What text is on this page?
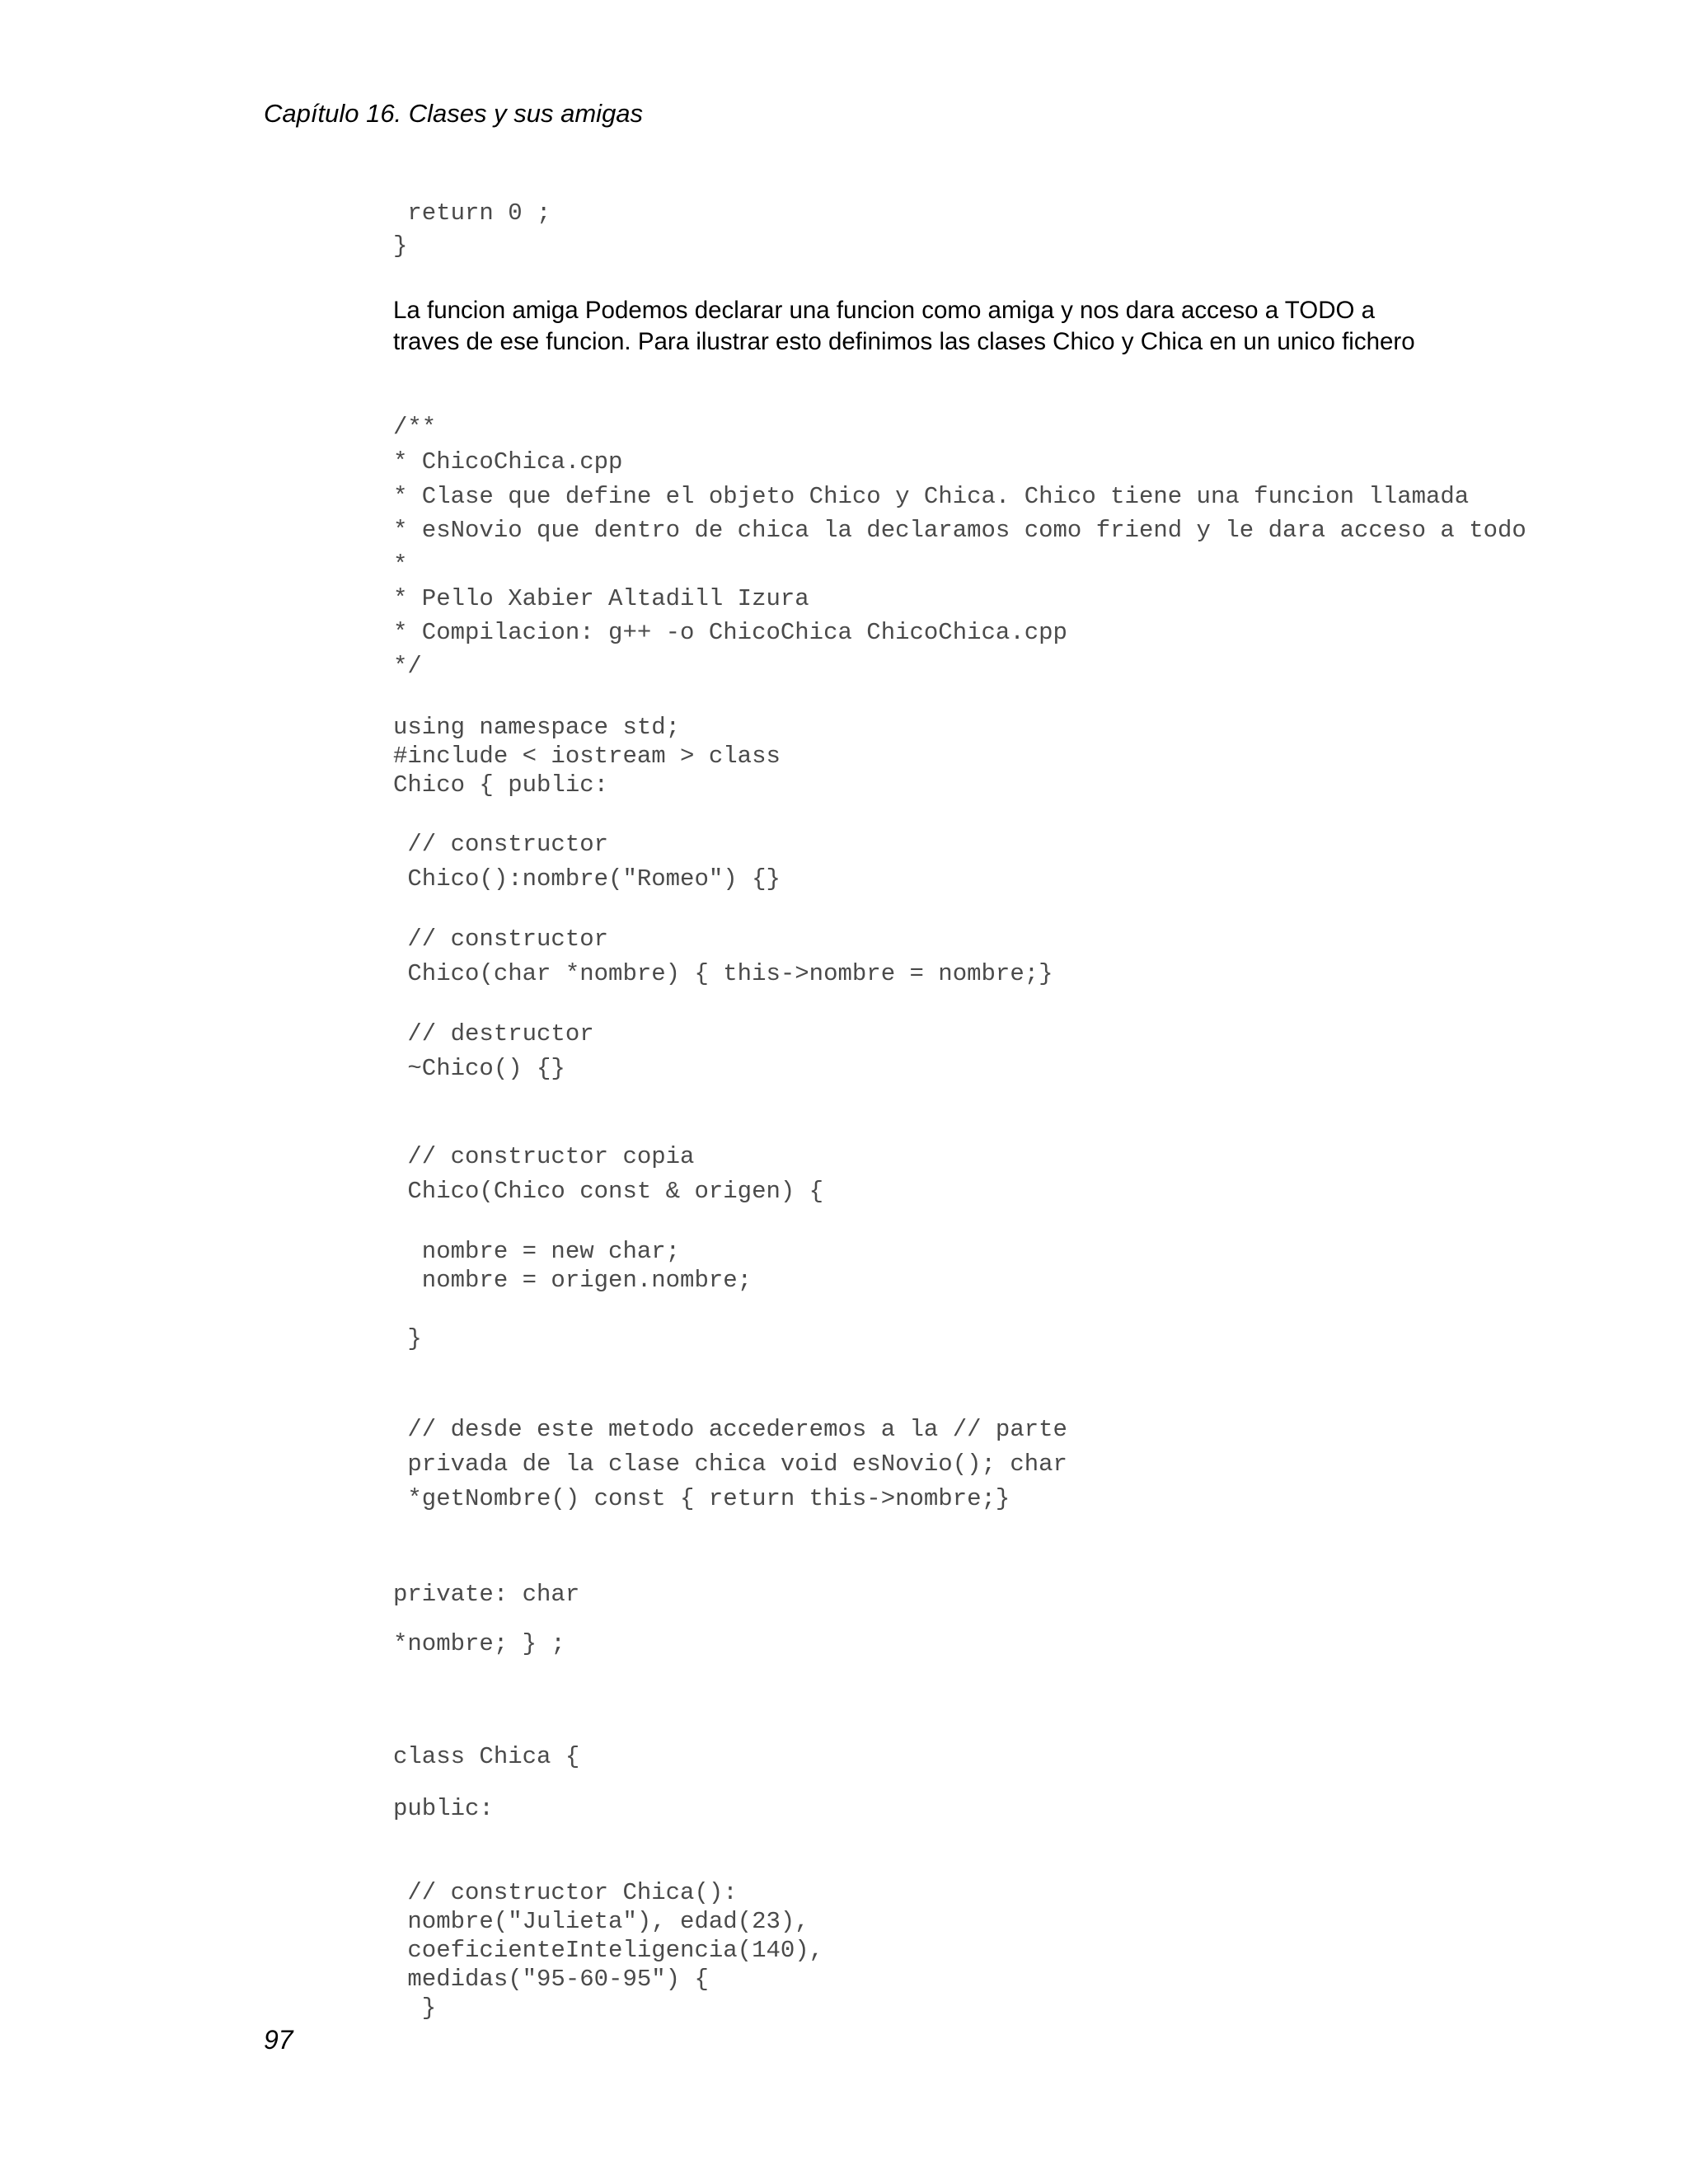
Capítulo 16. Clases y sus amigas
return 0 ;
}
La funcion amiga Podemos declarar una funcion como amiga y nos dara acceso a TODO a
traves de ese funcion. Para ilustrar esto definimos las clases Chico y Chica en un unico fichero
/**
* ChicoChica.cpp
* Clase que define el objeto Chico y Chica. Chico tiene una funcion llamada
* esNovio que dentro de chica la declaramos como friend y le dara acceso a todo
*
* Pello Xabier Altadill Izura
* Compilacion: g++ -o ChicoChica ChicoChica.cpp
*/
using namespace std;
#include < iostream > class
Chico { public:
// constructor
Chico():nombre("Romeo") {}
// constructor
Chico(char *nombre) { this->nombre = nombre;}
// destructor
~Chico() {}
// constructor copia
Chico(Chico const & origen) {
nombre = new char;
nombre = origen.nombre;
}
// desde este metodo accederemos a la // parte
privada de la clase chica void esNovio(); char
*getNombre() const { return this->nombre;}
private: char
*nombre; } ;
class Chica {
public:
// constructor Chica():
nombre("Julieta"), edad(23),
coeficienteInteligencia(140),
medidas("95-60-95") {
}
97
